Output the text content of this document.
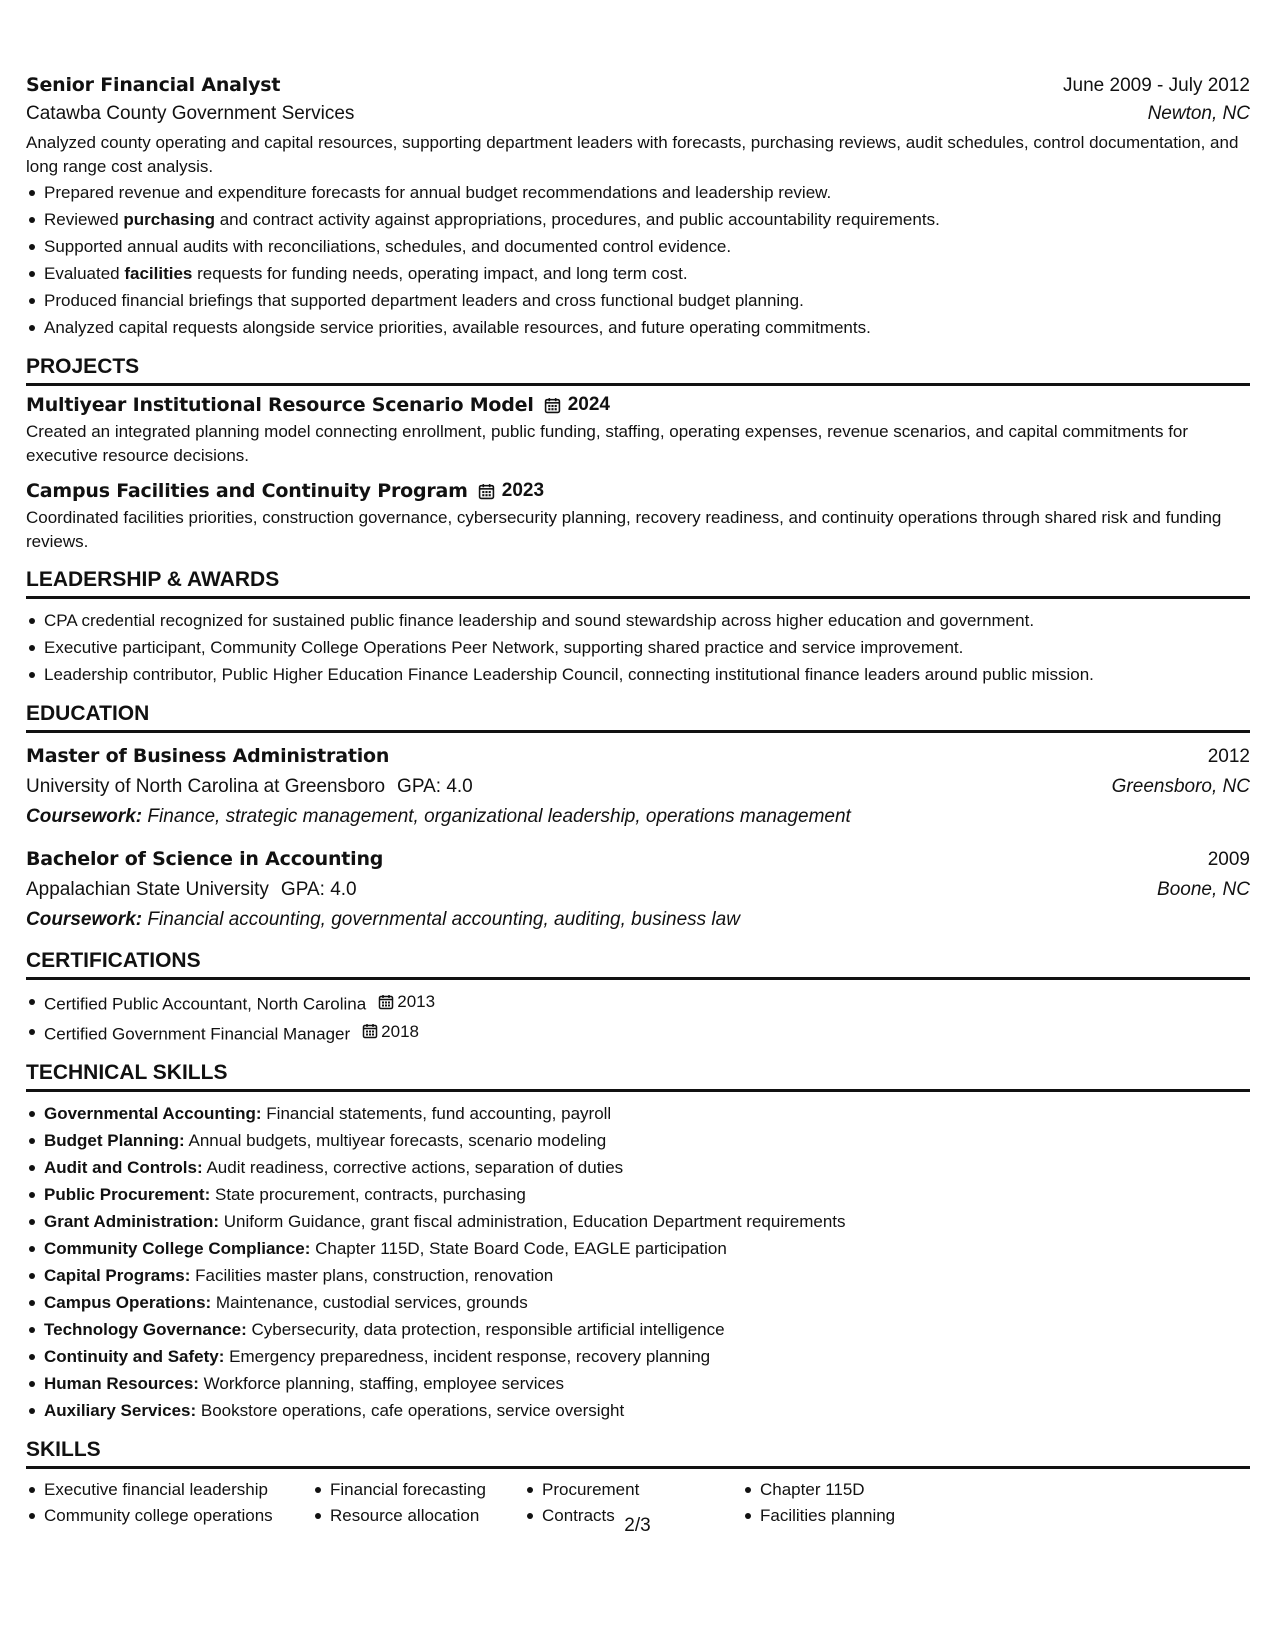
Senior Financial Analyst	June 2009 - July 2012
Catawba County Government Services	Newton, NC

Analyzed county operating and capital resources, supporting department leaders with forecasts, purchasing reviews, audit schedules, control documentation, and long range cost analysis.

Prepared revenue and expenditure forecasts for annual budget recommendations and leadership review.
Reviewed purchasing and contract activity against appropriations, procedures, and public accountability requirements.
Supported annual audits with reconciliations, schedules, and documented control evidence.
Evaluated facilities requests for funding needs, operating impact, and long term cost.
Produced financial briefings that supported department leaders and cross functional budget planning.
Analyzed capital requests alongside service priorities, available resources, and future operating commitments.
PROJECTS
Multiyear Institutional Resource Scenario Model 2024

Created an integrated planning model connecting enrollment, public funding, staffing, operating expenses, revenue scenarios, and capital commitments for executive resource decisions.

Campus Facilities and Continuity Program 2023

Coordinated facilities priorities, construction governance, cybersecurity planning, recovery readiness, and continuity operations through shared risk and funding reviews.

LEADERSHIP & AWARDS
CPA credential recognized for sustained public finance leadership and sound stewardship across higher education and government.
Executive participant, Community College Operations Peer Network, supporting shared practice and service improvement.
Leadership contributor, Public Higher Education Finance Leadership Council, connecting institutional finance leaders around public mission.
EDUCATION
Master of Business Administration	2012
University of North Carolina at Greensboro GPA: 4.0	Greensboro, NC
Coursework: Finance, strategic management, organizational leadership, operations management
Bachelor of Science in Accounting	2009
Appalachian State University GPA: 4.0	Boone, NC
Coursework: Financial accounting, governmental accounting, auditing, business law
CERTIFICATIONS
Certified Public Accountant, North Carolina 2013
Certified Government Financial Manager 2018
TECHNICAL SKILLS
Governmental Accounting: Financial statements, fund accounting, payroll
Budget Planning: Annual budgets, multiyear forecasts, scenario modeling
Audit and Controls: Audit readiness, corrective actions, separation of duties
Public Procurement: State procurement, contracts, purchasing
Grant Administration: Uniform Guidance, grant fiscal administration, Education Department requirements
Community College Compliance: Chapter 115D, State Board Code, EAGLE participation
Capital Programs: Facilities master plans, construction, renovation
Campus Operations: Maintenance, custodial services, grounds
Technology Governance: Cybersecurity, data protection, responsible artificial intelligence
Continuity and Safety: Emergency preparedness, incident response, recovery planning
Human Resources: Workforce planning, staffing, employee services
Auxiliary Services: Bookstore operations, cafe operations, service oversight
SKILLS
Executive financial leadership
Community college operations
Financial forecasting
Resource allocation
Procurement
Contracts
Chapter 115D
Facilities planning
2/3
